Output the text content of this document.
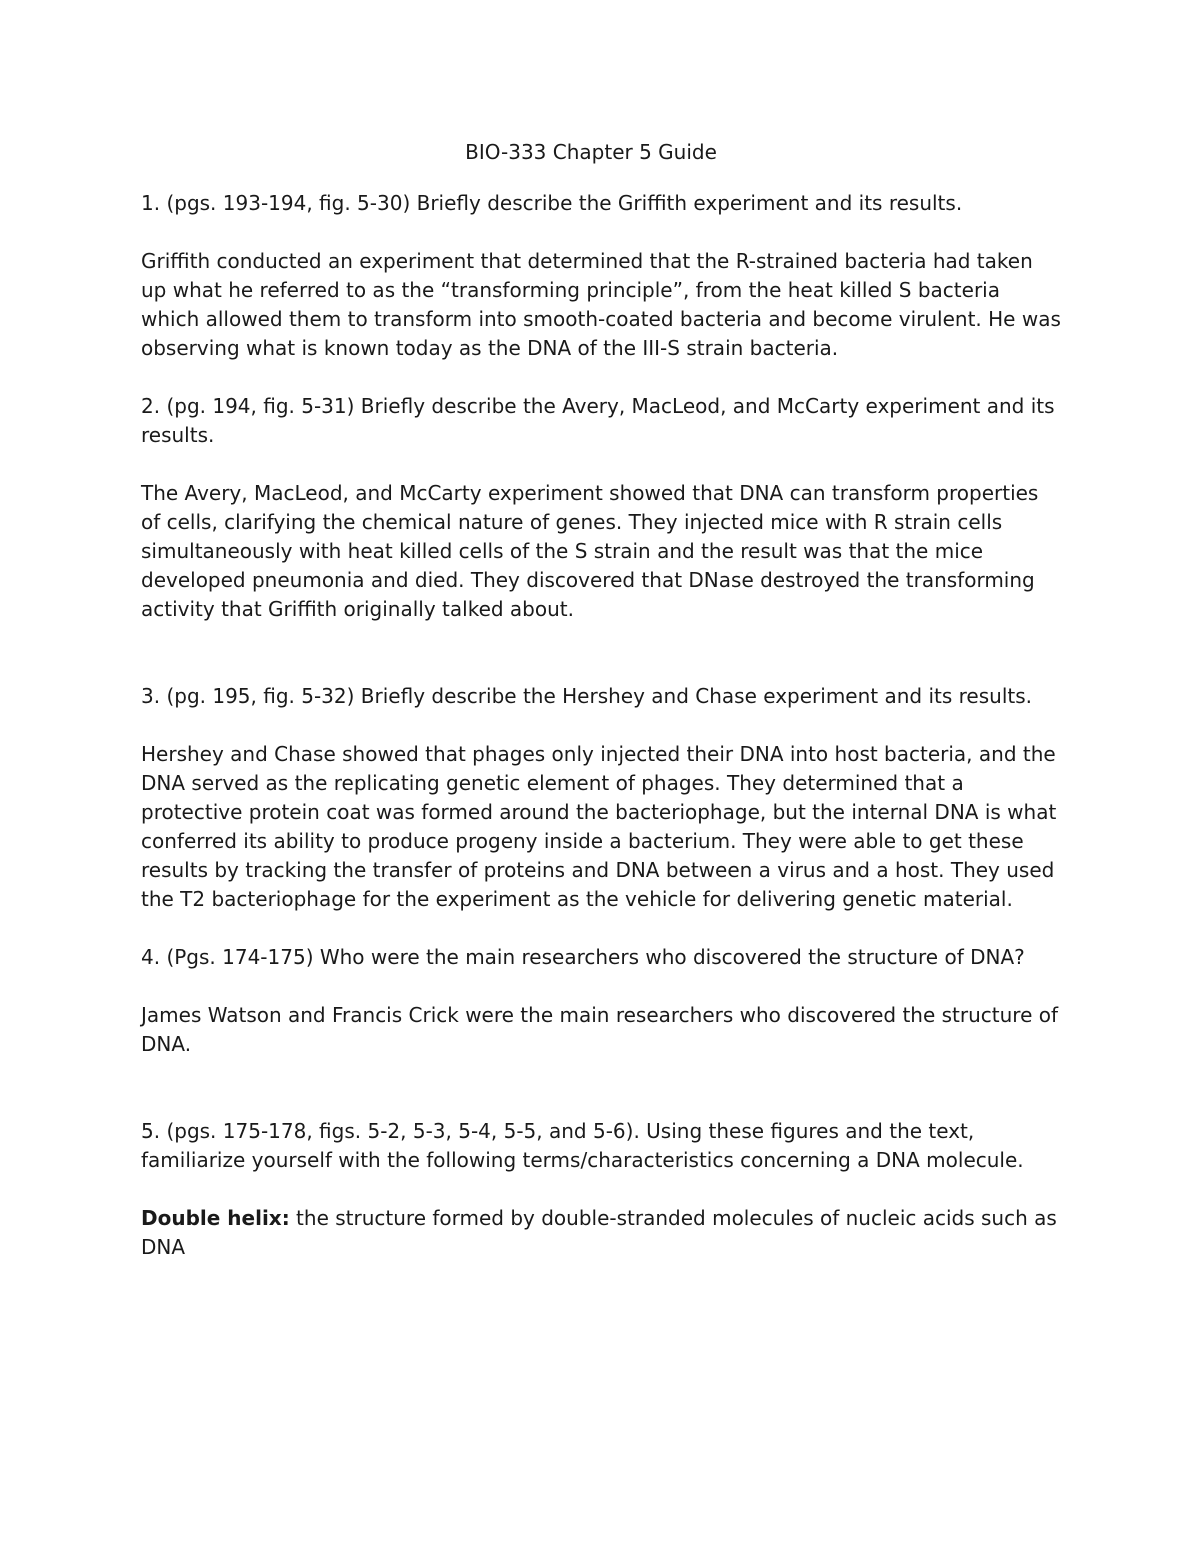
BIO-333 Chapter 5 Guide

1. (pgs. 193-194, fig. 5-30) Briefly describe the Griffith experiment and its results.

Griffith conducted an experiment that determined that the R-strained bacteria had taken up what he referred to as the “transforming principle”, from the heat killed S bacteria which allowed them to transform into smooth-coated bacteria and become virulent. He was observing what is known today as the DNA of the III-S strain bacteria.

2. (pg. 194, fig. 5-31) Briefly describe the Avery, MacLeod, and McCarty experiment and its results.

The Avery, MacLeod, and McCarty experiment showed that DNA can transform properties of cells, clarifying the chemical nature of genes. They injected mice with R strain cells simultaneously with heat killed cells of the S strain and the result was that the mice developed pneumonia and died. They discovered that DNase destroyed the transforming activity that Griffith originally talked about.

3. (pg. 195, fig. 5-32) Briefly describe the Hershey and Chase experiment and its results.

Hershey and Chase showed that phages only injected their DNA into host bacteria, and the DNA served as the replicating genetic element of phages. They determined that a protective protein coat was formed around the bacteriophage, but the internal DNA is what conferred its ability to produce progeny inside a bacterium. They were able to get these results by tracking the transfer of proteins and DNA between a virus and a host. They used the T2 bacteriophage for the experiment as the vehicle for delivering genetic material.

4. (Pgs. 174-175) Who were the main researchers who discovered the structure of DNA?

James Watson and Francis Crick were the main researchers who discovered the structure of DNA.

5. (pgs. 175-178, figs. 5-2, 5-3, 5-4, 5-5, and 5-6). Using these figures and the text, familiarize yourself with the following terms/characteristics concerning a DNA molecule.

Double helix: the structure formed by double-stranded molecules of nucleic acids such as DNA
